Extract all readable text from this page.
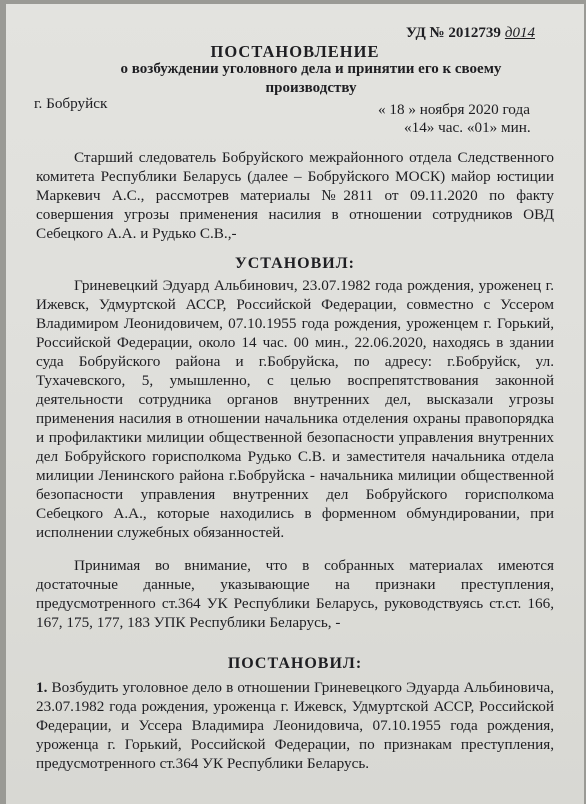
УД № 2012739 д014
ПОСТАНОВЛЕНИЕ
о возбуждении уголовного дела и принятии его к своему производству
г. Бобруйск	« 18 » ноября 2020 года
«14» час. «01» мин.
Старший следователь Бобруйского межрайонного отдела Следственного комитета Республики Беларусь (далее – Бобруйского МОСК) майор юстиции Маркевич А.С., рассмотрев материалы №2811 от 09.11.2020 по факту совершения угрозы применения насилия в отношении сотрудников ОВД Себецкого А.А. и Рудько С.В.,-
УСТАНОВИЛ:
Гриневецкий Эдуард Альбинович, 23.07.1982 года рождения, уроженец г. Ижевск, Удмуртской АССР, Российской Федерации, совместно с Уссером Владимиром Леонидовичем, 07.10.1955 года рождения, уроженцем г. Горький, Российской Федерации, около 14 час. 00 мин., 22.06.2020, находясь в здании суда Бобруйского района и г.Бобруйска, по адресу: г.Бобруйск, ул. Тухачевского, 5, умышленно, с целью воспрепятствования законной деятельности сотрудника органов внутренних дел, высказали угрозы применения насилия в отношении начальника отделения охраны правопорядка и профилактики милиции общественной безопасности управления внутренних дел Бобруйского горисполкома Рудько С.В. и заместителя начальника отдела милиции Ленинского района г.Бобруйска - начальника милиции общественной безопасности управления внутренних дел Бобруйского горисполкома Себецкого А.А., которые находились в форменном обмундировании, при исполнении служебных обязанностей.
Принимая во внимание, что в собранных материалах имеются достаточные данные, указывающие на признаки преступления, предусмотренного ст.364 УК Республики Беларусь, руководствуясь ст.ст. 166, 167, 175, 177, 183 УПК Республики Беларусь, -
ПОСТАНОВИЛ:
1. Возбудить уголовное дело в отношении Гриневецкого Эдуарда Альбиновича, 23.07.1982 года рождения, уроженца г. Ижевск, Удмуртской АССР, Российской Федерации, и Уссера Владимира Леонидовича, 07.10.1955 года рождения, уроженца г. Горький, Российской Федерации, по признакам преступления, предусмотренного ст.364 УК Республики Беларусь.
